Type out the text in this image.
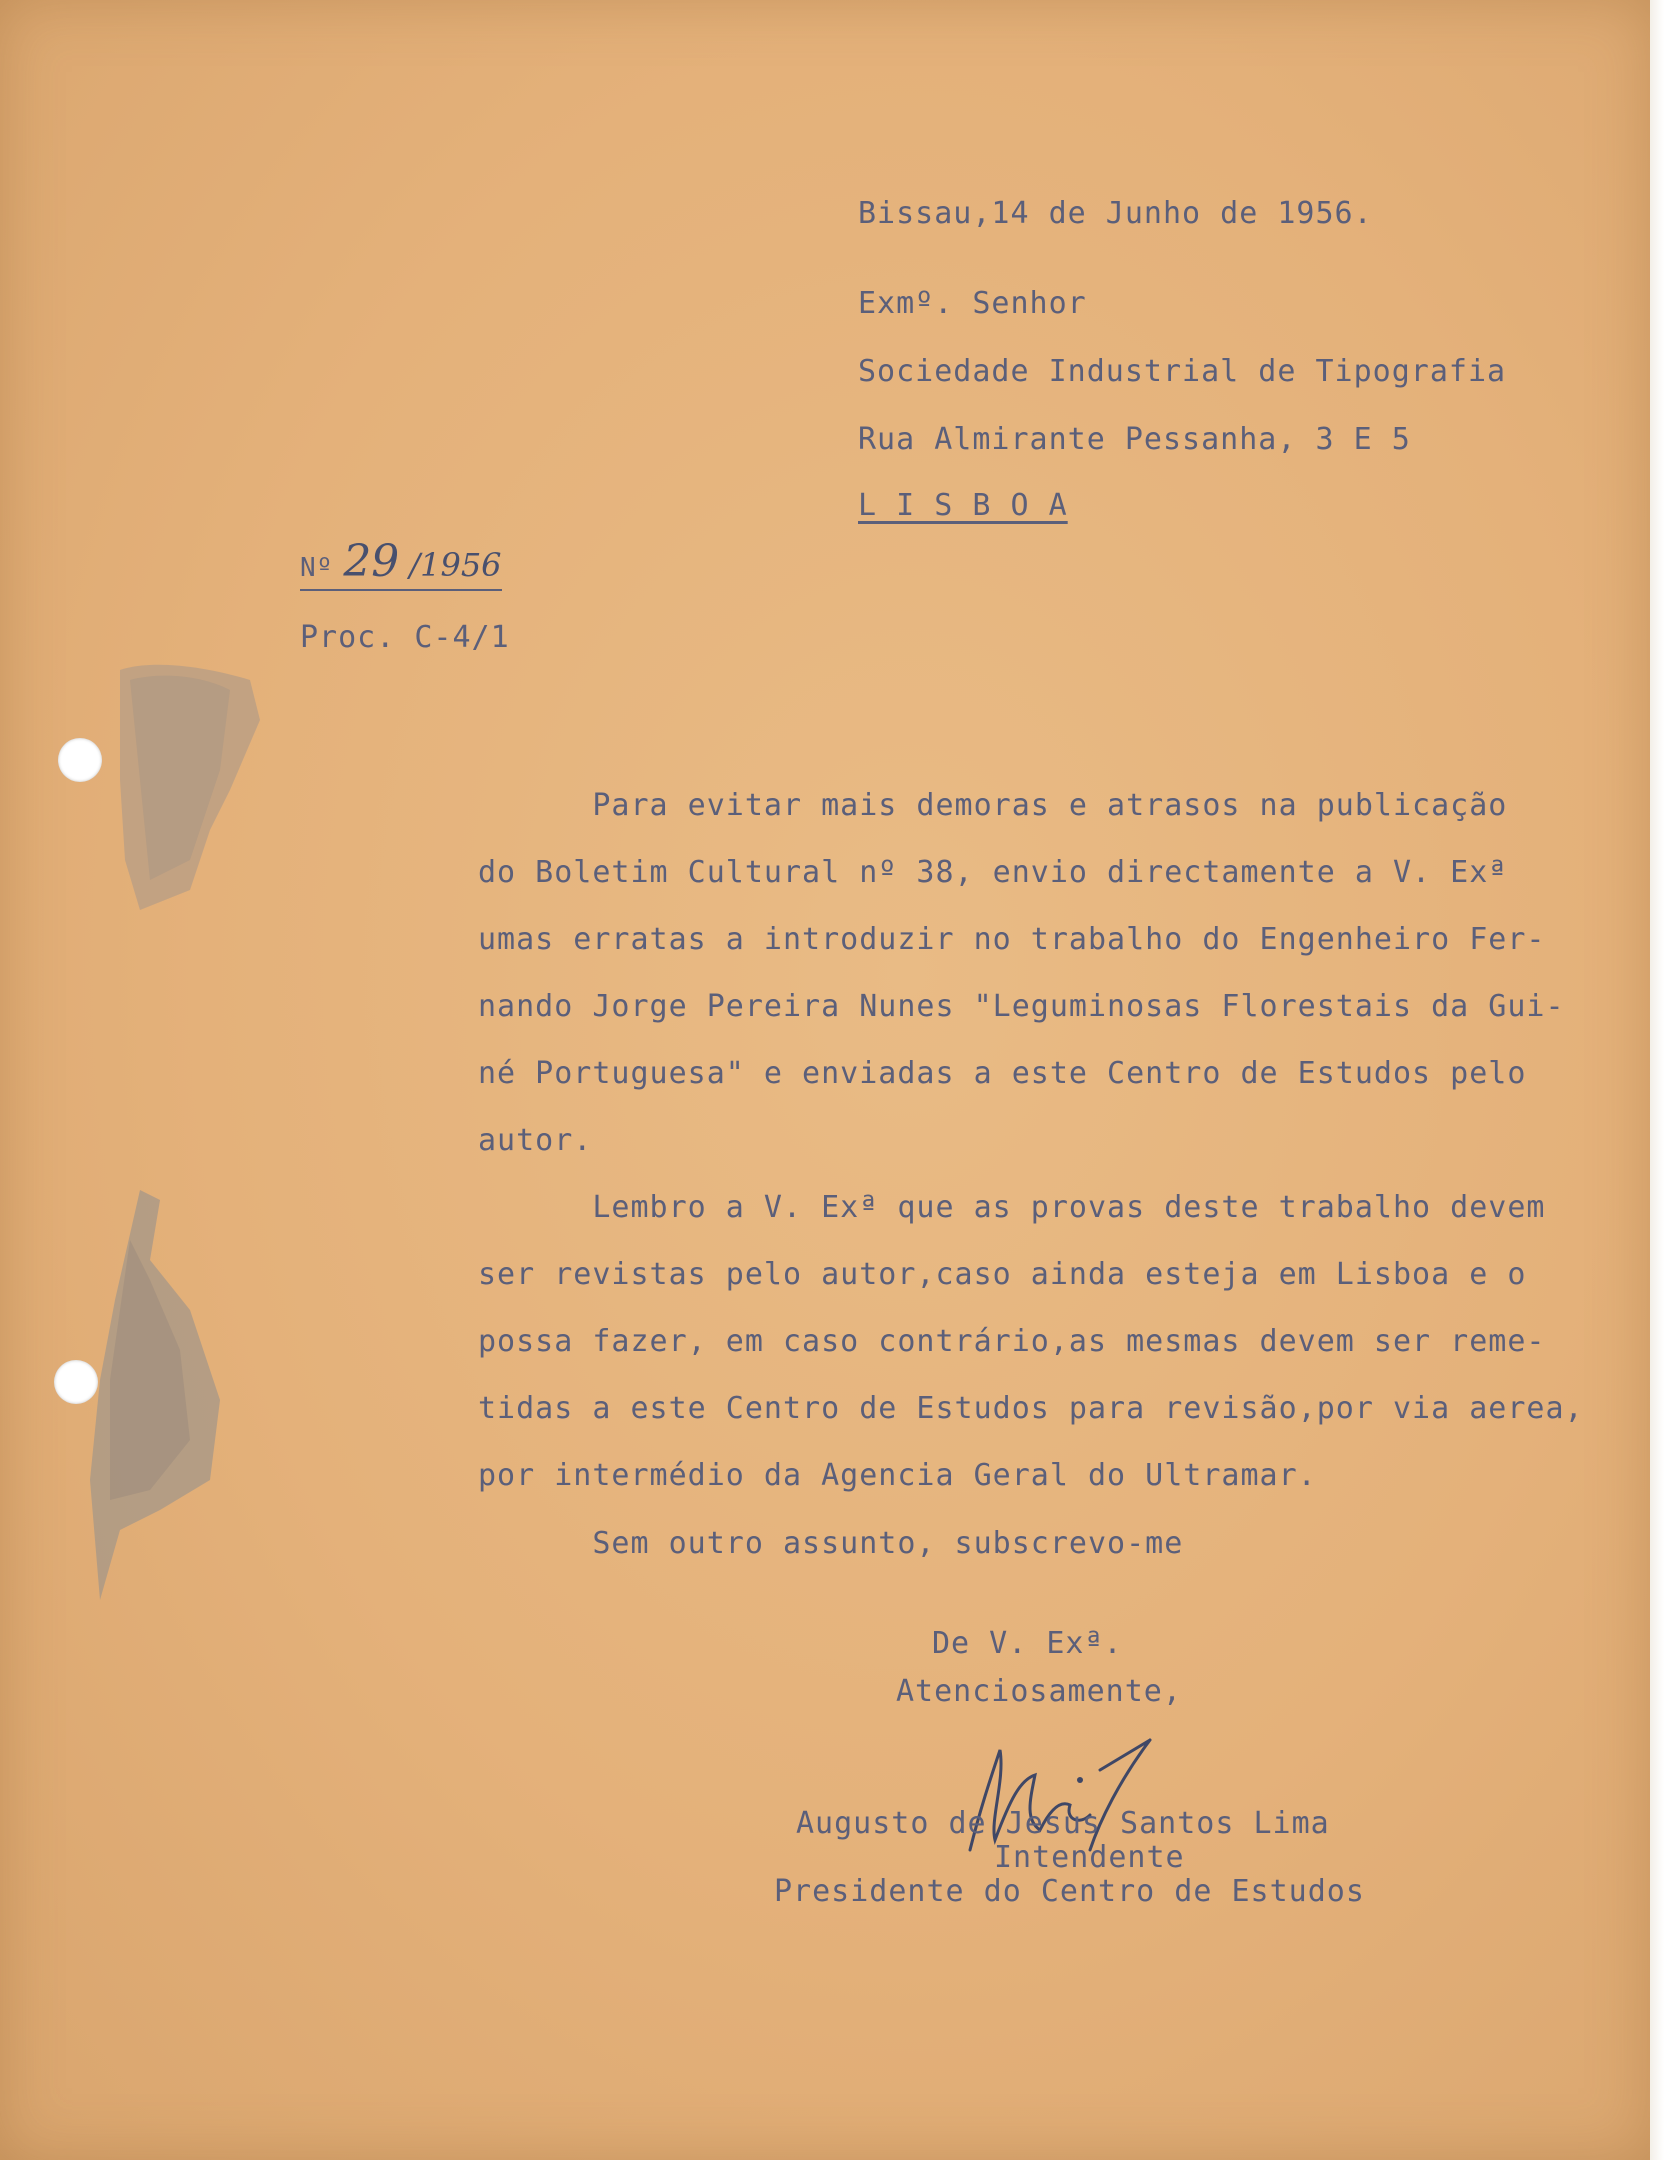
Bissau,14 de Junho de 1956.
Exmº. Senhor
Sociedade Industrial de Tipografia
Rua Almirante Pessanha, 3 E 5
L I S B O A
Nº 29 /1956
Proc. C-4/1
Para evitar mais demoras e atrasos na publicação
do Boletim Cultural nº 38, envio directamente a V. Exª
umas erratas a introduzir no trabalho do Engenheiro Fer-
nando Jorge Pereira Nunes "Leguminosas Florestais da Gui-
né Portuguesa" e enviadas a este Centro de Estudos pelo
autor.
Lembro a V. Exª que as provas deste trabalho devem
ser revistas pelo autor,caso ainda esteja em Lisboa e o
possa fazer, em caso contrário,as mesmas devem ser reme-
tidas a este Centro de Estudos para revisão,por via aerea,
por intermédio da Agencia Geral do Ultramar.
Sem outro assunto, subscrevo-me
De V. Exª.
Atenciosamente,
Augusto de Jesus Santos Lima
Intendente
Presidente do Centro de Estudos
